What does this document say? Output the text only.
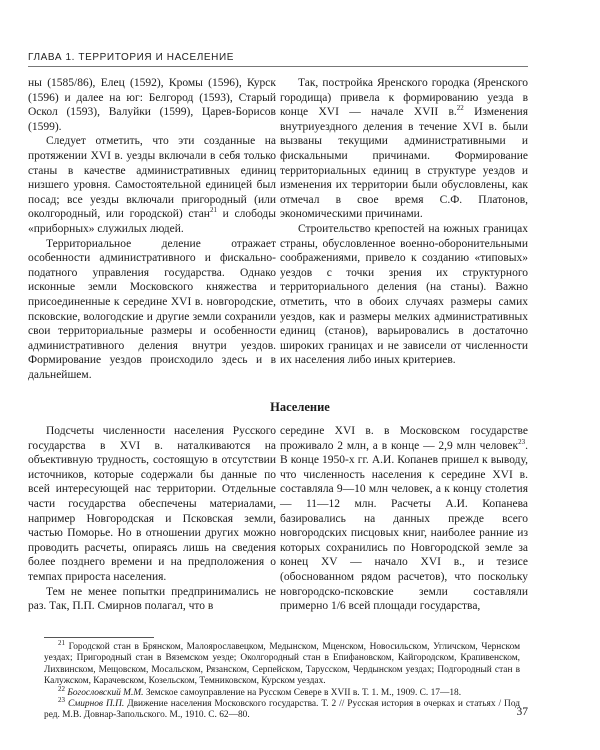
ГЛАВА 1. ТЕРРИТОРИЯ И НАСЕЛЕНИЕ

ны (1585/86), Елец (1592), Кромы (1596), Курск (1596) и далее на юг: Белгород (1593), Старый Оскол (1593), Валуйки (1599), Царев-Борисов (1599).

Следует отметить, что эти созданные на протяжении XVI в. уезды включали в себя только станы в качестве административных единиц низшего уровня. Самостоятельной единицей был посад; все уезды включали пригородный (или околгородный, или городской) стан$^{21}$ и слободы «приборных» служилых людей.

Территориальное деление отражает особенности административного и фискально-податного управления государства. Однако исконные земли Московского княжества и присоединенные к середине XVI в. новгородские, псковские, вологодские и другие земли сохранили свои территориальные размеры и особенности административного деления внутри уездов. Формирование уездов происходило здесь и в дальнейшем.

Так, постройка Яренского городка (Яренского городища) привела к формированию уезда в конце XVI — начале XVII в.$^{22}$ Изменения внутриуездного деления в течение XVI в. были вызваны текущими административными и фискальными причинами. Формирование территориальных единиц в структуре уездов и изменения их территории были обусловлены, как отмечал в свое время С.Ф. Платонов, экономическими причинами.

Строительство крепостей на южных границах страны, обусловленное военно-оборонительными соображениями, привело к созданию «типовых» уездов с точки зрения их структурного территориального деления (на станы). Важно отметить, что в обоих случаях размеры самих уездов, как и размеры мелких административных единиц (станов), варьировались в достаточно широких границах и не зависели от численности их населения либо иных критериев.

Население

Подсчеты численности населения Русского государства в XVI в. наталкиваются на объективную трудность, состоящую в отсутствии источников, которые содержали бы данные по всей интересующей нас территории. Отдельные части государства обеспечены материалами, например Новгородская и Псковская земли, частью Поморье. Но в отношении других можно проводить расчеты, опираясь лишь на сведения более позднего времени и на предположения о темпах прироста населения.

Тем не менее попытки предпринимались не раз. Так, П.П. Смирнов полагал, что в

середине XVI в. в Московском государстве проживало 2 млн, а в конце — 2,9 млн человек$^{23}$. В конце 1950-х гг. А.И. Копанев пришел к выводу, что численность населения к середине XVI в. составляла 9—10 млн человек, а к концу столетия — 11—12 млн. Расчеты А.И. Копанева базировались на данных прежде всего новгородских писцовых книг, наиболее ранние из которых сохранились по Новгородской земле за конец XV — начало XVI в., и тезисе (обоснованном рядом расчетов), что поскольку новгородско-псковские земли составляли примерно 1/6 всей площади государства,

$^{21}$ Городской стан в Брянском, Малоярославецком, Медынском, Мценском, Новосильском, Угличском, Чернском уездах; Пригородный стан в Вяземском уезде; Околгородный стан в Епифановском, Кайгородском, Крапивенском, Лихвинском, Мещовском, Мосальском, Рязанском, Серпейском, Тарусском, Чердынском уездах; Подгородный стан в Калужском, Карачевском, Козельском, Темниковском, Курском уездах.

$^{22}$ Богословский М.М. Земское самоуправление на Русском Севере в XVII в. Т. 1. М., 1909. С. 17—18.

$^{23}$ Смирнов П.П. Движение населения Московского государства. Т. 2 // Русская история в очерках и статьях / Под ред. М.В. Довнар-Запольского. М., 1910. С. 62—80.	37
